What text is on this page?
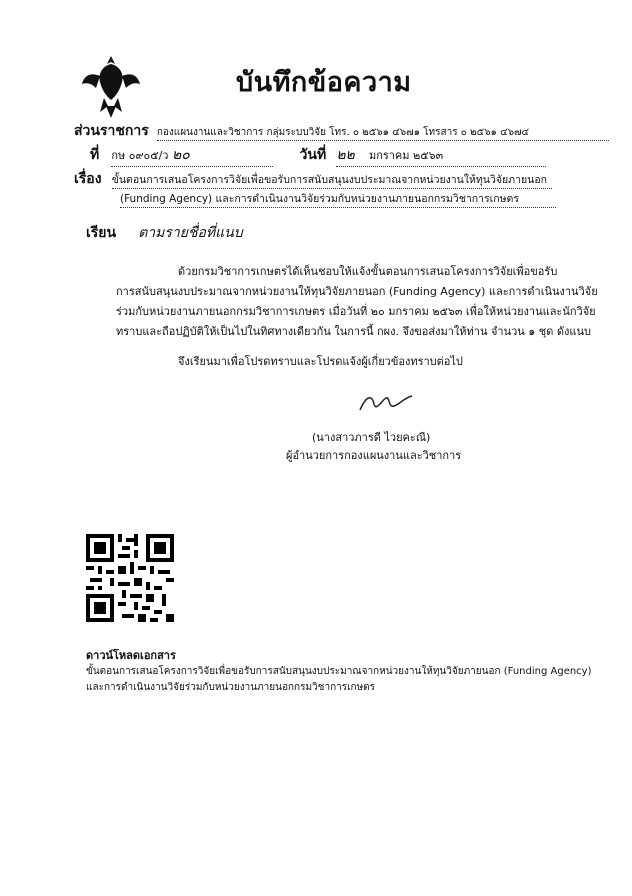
บันทึกข้อความ
ส่วนราชการ กองแผนงานและวิชาการ กลุ่มระบบวิจัย โทร. ๐ ๒๕๖๑ ๔๖๗๑ โทรสาร ๐ ๒๕๖๑ ๔๖๗๔
ที่ กษ ๐๙๐๕/ว ๒๐	วันที่ ๒๒ มกราคม ๒๕๖๓
เรื่อง ขั้นตอนการเสนอโครงการวิจัยเพื่อขอรับการสนับสนุนงบประมาณจากหน่วยงานให้ทุนวิจัยภายนอก
(Funding Agency) และการดำเนินงานวิจัยร่วมกับหน่วยงานภายนอกกรมวิชาการเกษตร
เรียน ตามรายชื่อที่แนบ
ด้วยกรมวิชาการเกษตรได้เห็นชอบให้แจ้งขั้นตอนการเสนอโครงการวิจัยเพื่อขอรับ
การสนับสนุนงบประมาณจากหน่วยงานให้ทุนวิจัยภายนอก (Funding Agency) และการดำเนินงานวิจัย
ร่วมกับหน่วยงานภายนอกกรมวิชาการเกษตร เมื่อวันที่ ๒๐ มกราคม ๒๕๖๓ เพื่อให้หน่วยงานและนักวิจัย
ทราบและถือปฏิบัติให้เป็นไปในทิศทางเดียวกัน ในการนี้ กผง. จึงขอส่งมาให้ท่าน จำนวน ๑ ชุด ดังแนบ
จึงเรียนมาเพื่อโปรดทราบและโปรดแจ้งผู้เกี่ยวข้องทราบต่อไป
(นางสาวภารดี ไวยคะณี)
ผู้อำนวยการกองแผนงานและวิชาการ
ดาวน์โหลดเอกสาร
ขั้นตอนการเสนอโครงการวิจัยเพื่อขอรับการสนับสนุนงบประมาณจากหน่วยงานให้ทุนวิจัยภายนอก (Funding Agency)
และการดำเนินงานวิจัยร่วมกับหน่วยงานภายนอกกรมวิชาการเกษตร
